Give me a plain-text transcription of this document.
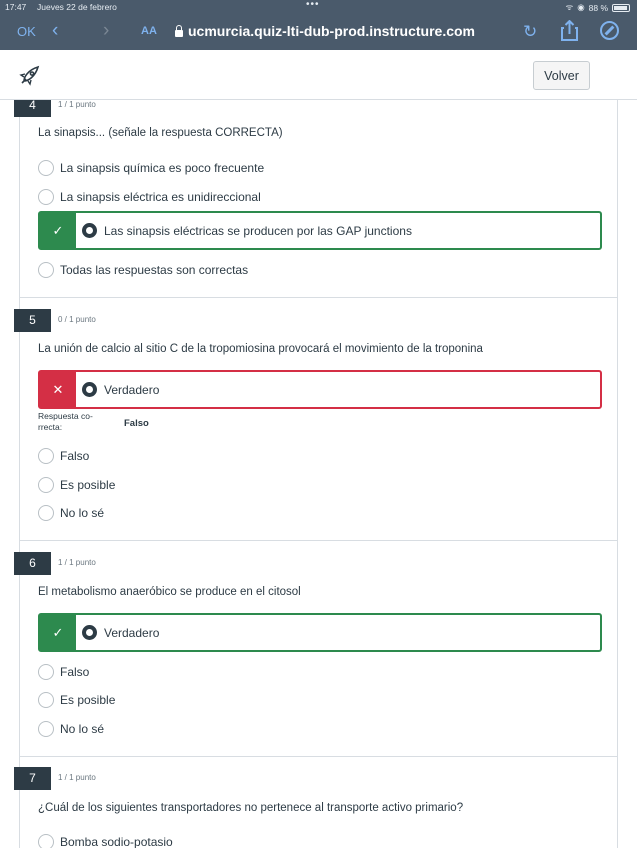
17:47 Jueves 22 de febrero	•••	ᯤ ◉ 88 %
OK ‹ ›	AA	ucmurcia.quiz-lti-dub-prod.instructure.com	↻
Volver
4	1 / 1 punto
La sinapsis... (señale la respuesta CORRECTA)
La sinapsis química es poco frecuente
La sinapsis eléctrica es unidireccional
✓	Las sinapsis eléctricas se producen por las GAP junctions
Todas las respuestas son correctas
5	0 / 1 punto
La unión de calcio al sitio C de la tropomiosina provocará el movimiento de la troponina
✕	Verdadero
Respuesta co-
rrecta:	Falso
Falso
Es posible
No lo sé
6	1 / 1 punto
El metabolismo anaeróbico se produce en el citosol
✓	Verdadero
Falso
Es posible
No lo sé
7	1 / 1 punto
¿Cuál de los siguientes transportadores no pertenece al transporte activo primario?
Bomba sodio-potasio
